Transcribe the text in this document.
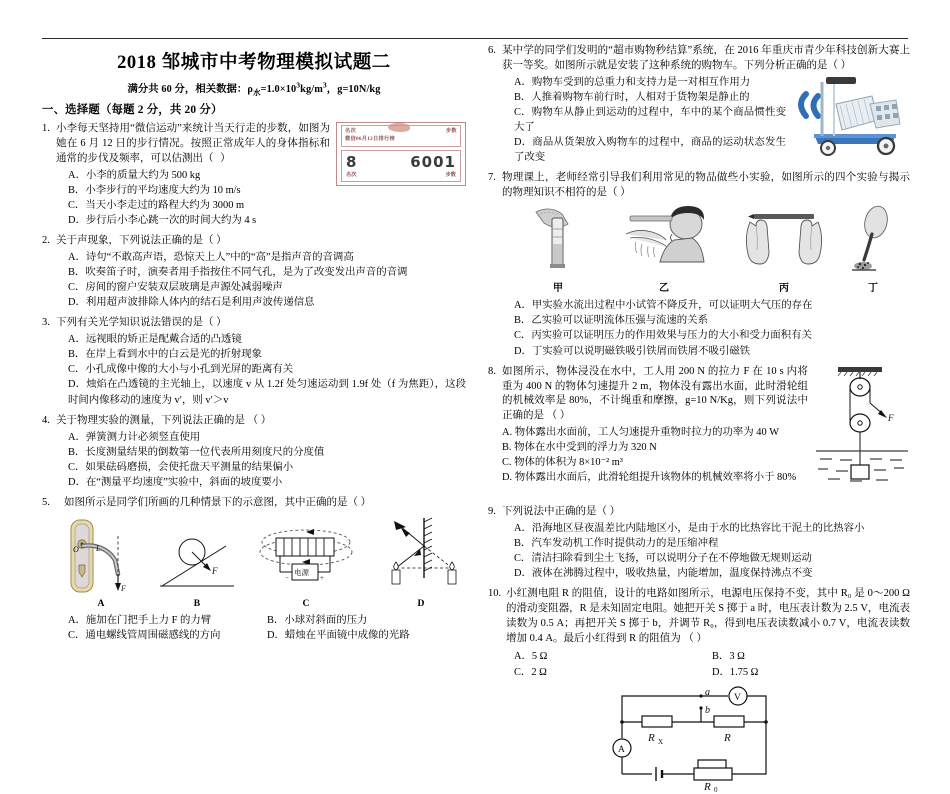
2018 邹城市中考物理模拟试题二
满分共 60 分，相关数据：$\rho_水=1.0\times 10^3kg/m^3$，g=10N/kg
一、选择题（每题 2 分，共 20 分）
名次	步数
微信06月12日排行榜
8	6001
名次	步数
1. 小李每天坚持用“微信运动”来统计当天行走的步数，如图为她在 6 月 12 日的步行情况。按照正常成年人的身体指标和通常的步伐及频率，可以估测出（ ）
A．小李的质量大约为 500 kg
B．小李步行的平均速度大约为 10 m/s
C．当天小李走过的路程大约为 3000 m
D．步行后小李心跳一次的时间大约为 4 s
2. 关于声现象，下列说法正确的是（ ）
A．诗句“不敢高声语，恐惊天上人”中的“高”是指声音的音调高
B．吹奏笛子时，演奏者用手指按住不同气孔，是为了改变发出声音的音调
C．房间的窗户安装双层玻璃是声源处减弱噪声
D．利用超声波排除人体内的结石是利用声波传递信息
3. 下列有关光学知识说法错误的是（ ）
A．远视眼的矫正是配戴合适的凸透镜
B．在岸上看到水中的白云是光的折射现象
C．小孔成像中像的大小与小孔到光屏的距离有关
D．烛焰在凸透镜的主光轴上，以速度 v 从 1.2f 处匀速运动到 1.9f 处（f 为焦距），这段时间内像移动的速度为 v′，则 v′＞v
4. 关于物理实验的测量，下列说法正确的是 （ ）
A．弹簧测力计必须竖直使用
B．长度测量结果的倒数第一位代表所用刻度尺的分度值
C．如果砝码磨损，会使托盘天平测量的结果偏小
D．在“测量平均速度”实验中，斜面的坡度要小
5.	如图所示是同学们所画的几种情景下的示意图，其中正确的是（ ）
F
L
O
A
F
B
电源
−	+
C	D
A．施加在门把手上力 F 的力臂	B．小球对斜面的压力
C．通电螺线管周围磁感线的方向	D．蜡烛在平面镜中成像的光路
6. 某中学的同学们发明的“超市购物秒结算”系统，在 2016 年重庆市青少年科技创新大赛上获一等奖。如图所示就是安装了这种系统的购物车。下列分析正确的是（ ）
A．购物车受到的总重力和支持力是一对相互作用力
B．人推着购物车前行时，人相对于货物架是静止的
C．购物车从静止到运动的过程中，车中的某个商品惯性变大了
D．商品从货架放入购物车的过程中，商品的运动状态发生了改变
7. 物理课上，老师经常引导我们利用常见的物品做些小实验，如图所示的四个实验与揭示的物理知识不相符的是（ ）
甲	乙	丙	丁
A．甲实验水流出过程中小试管不降反升，可以证明大气压的存在
B．乙实验可以证明流体压强与流速的关系
C．丙实验可以证明压力的作用效果与压力的大小和受力面积有关
D．丁实验可以说明磁铁吸引铁屑而铁屑不吸引磁铁
F
8. 如图所示，物体浸没在水中，工人用 200 N 的拉力 F 在 10 s 内将重为 400 N 的物体匀速提升 2 m，物体没有露出水面，此时滑轮组的机械效率是 80%，不计绳重和摩擦，g=10 N/Kg，则下列说法中正确的是 （ ）
A. 物体露出水面前，工人匀速提升重物时拉力的功率为 40 W
B. 物体在水中受到的浮力为 320 N
C. 物体的体积为 8×10⁻² m³
D. 物体露出水面后，此滑轮组提升该物体的机械效率将小于 80%
9. 下列说法中正确的是（ ）
A．沿海地区昼夜温差比内陆地区小，是由于水的比热容比干泥土的比热容小
B．汽车发动机工作时提供动力的是压缩冲程
C．清洁扫除看到尘土飞扬，可以说明分子在不停地做无规则运动
D．液体在沸腾过程中，吸收热量，内能增加，温度保持沸点不变
10. 小红测电阻 R 的阻值，设计的电路如图所示，电源电压保持不变，其中 R₀ 是 0～200 Ω 的滑动变阻器，R 是未知固定电阻。她把开关 S 掷于 a 时，电压表计数为 2.5 V，电流表读数为 0.5 A；再把开关 S 掷于 b，并调节 R₀，得到电压表读数减小 0.7 V，电流表读数增加 0.4 A。最后小红得到 R 的阻值为 （ ）
A．5 Ω	B．3 Ω
C．2 Ω	D．1.75 Ω
R X
a
b
V
R
A
R 0
